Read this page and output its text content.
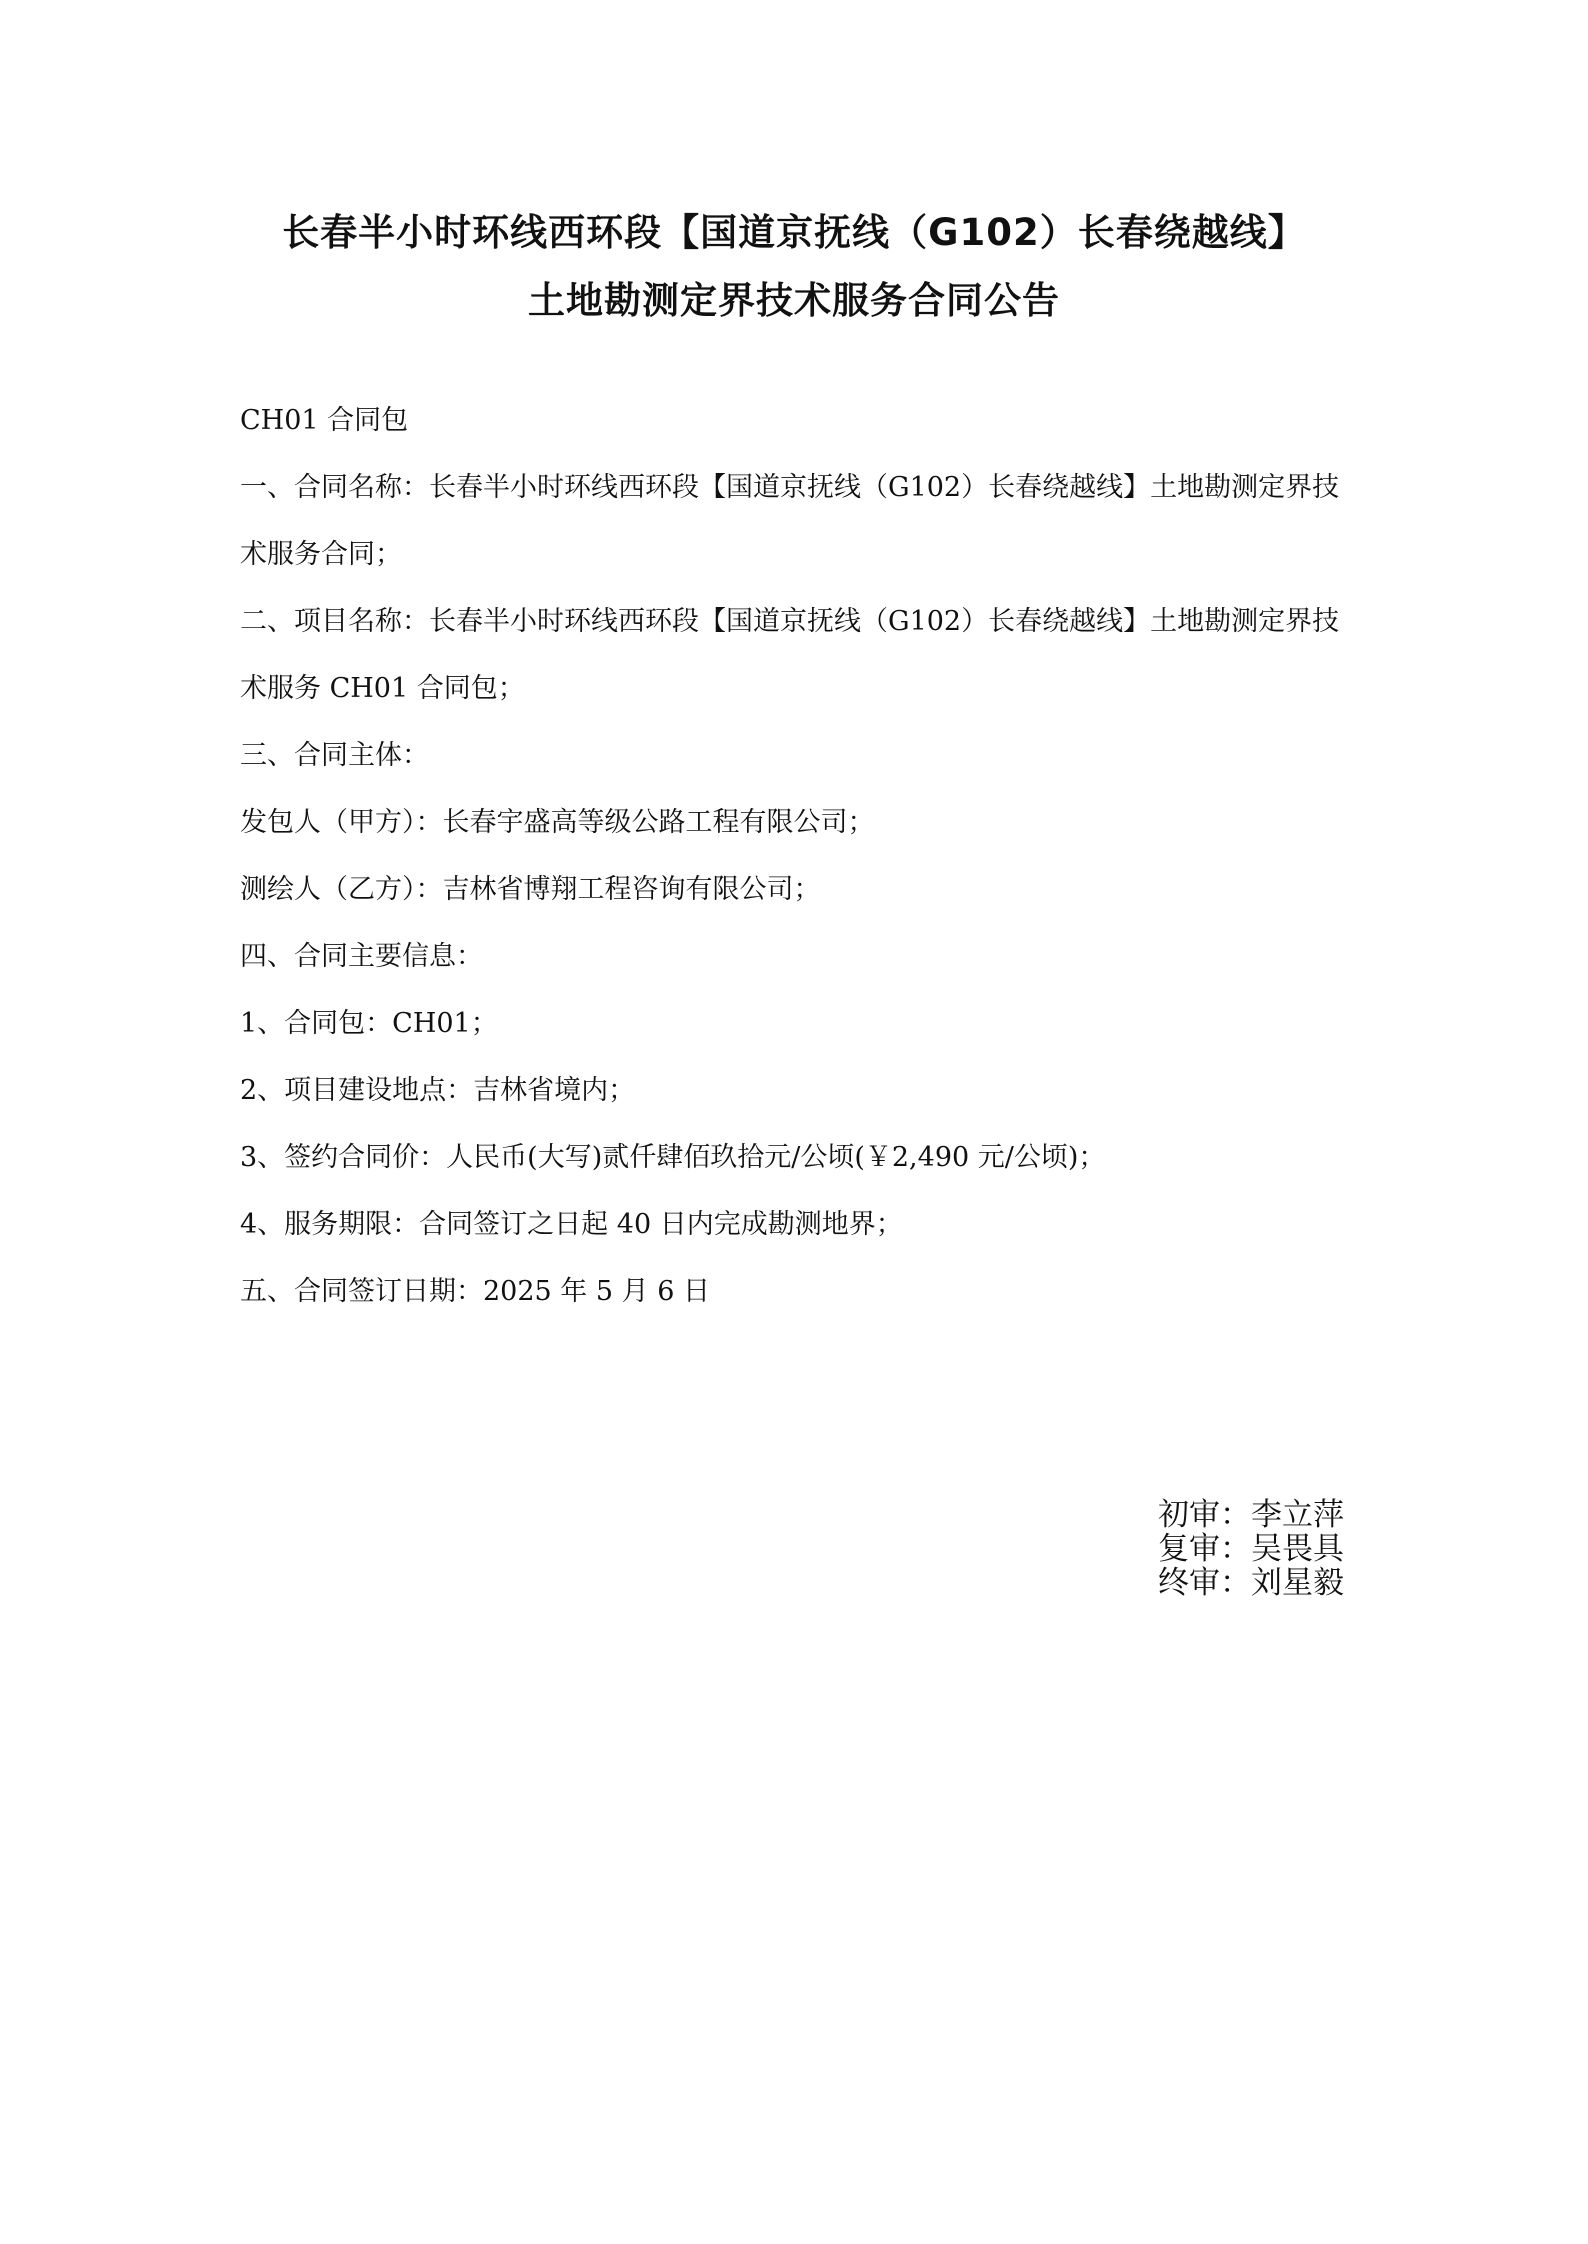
长春半小时环线西环段【国道京抚线（G102）长春绕越线】
土地勘测定界技术服务合同公告
CH01 合同包
一、合同名称：长春半小时环线西环段【国道京抚线（G102）长春绕越线】土地勘测定界技
术服务合同；
二、项目名称：长春半小时环线西环段【国道京抚线（G102）长春绕越线】土地勘测定界技
术服务 CH01 合同包；
三、合同主体：
发包人（甲方）：长春宇盛高等级公路工程有限公司；
测绘人（乙方）：吉林省博翔工程咨询有限公司；
四、合同主要信息：
1、合同包：CH01；
2、项目建设地点：吉林省境内；
3、签约合同价：人民币(大写)贰仟肆佰玖拾元/公顷(￥2,490 元/公顷)；
4、服务期限：合同签订之日起 40 日内完成勘测地界；
五、合同签订日期：2025 年 5 月 6 日
初审：李立萍
复审：吴畏具
终审：刘星毅
